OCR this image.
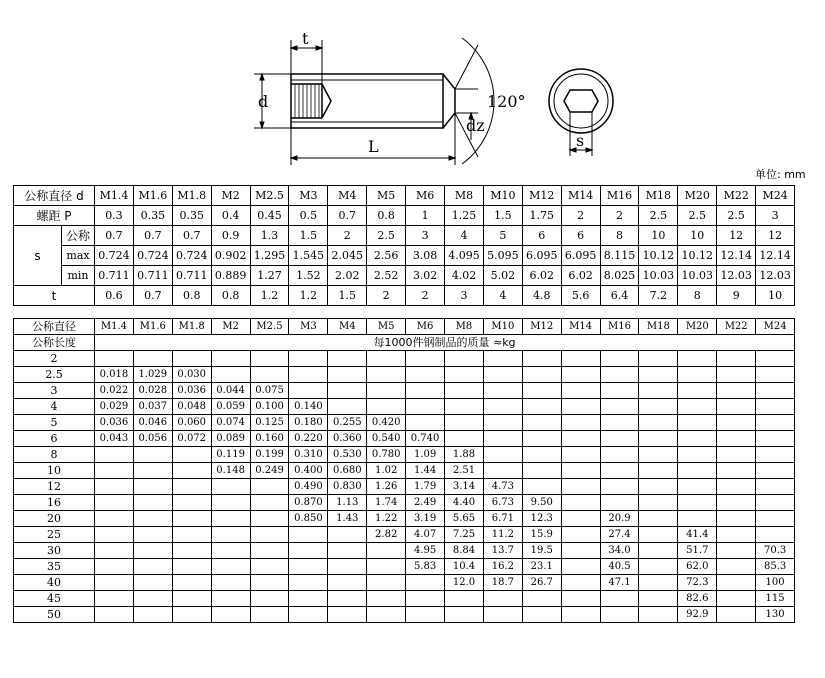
t
d	120°
dz
L	s
单位: mm
公称直径 d		M1.4	M1.6	M1.8	M2	M2.5	M3	M4	M5	M6	M8	M10	M12	M14	M16	M18	M20	M22	M24
螺距 P		0.3	0.35	0.35	0.4	0.45	0.5	0.7	0.8	1	1.25	1.5	1.75	2	2	2.5	2.5	2.5	3
s	公称	0.7	0.7	0.7	0.9	1.3	1.5	2	2.5	3	4	5	6	6	8	10	10	12	12
	max	0.724	0.724	0.724	0.902	1.295	1.545	2.045	2.56	3.08	4.095	5.095	6.095	6.095	8.115	10.12	10.12	12.14	12.14
	min	0.711	0.711	0.711	0.889	1.27	1.52	2.02	2.52	3.02	4.02	5.02	6.02	6.02	8.025	10.03	10.03	12.03	12.03
t		0.6	0.7	0.8	0.8	1.2	1.2	1.5	2	2	3	4	4.8	5.6	6.4	7.2	8	9	10
公称直径	M1.4	M1.6	M1.8	M2	M2.5	M3	M4	M5	M6	M8	M10	M12	M14	M16	M18	M20	M22	M24
公称长度	每1000件钢制品的质量 ≈kg																	
2																		
2.5	0.018	1.029	0.030															
3	0.022	0.028	0.036	0.044	0.075													
4	0.029	0.037	0.048	0.059	0.100	0.140												
5	0.036	0.046	0.060	0.074	0.125	0.180	0.255	0.420										
6	0.043	0.056	0.072	0.089	0.160	0.220	0.360	0.540	0.740									
8				0.119	0.199	0.310	0.530	0.780	1.09	1.88								
10				0.148	0.249	0.400	0.680	1.02	1.44	2.51								
12						0.490	0.830	1.26	1.79	3.14	4.73							
16						0.870	1.13	1.74	2.49	4.40	6.73	9.50						
20						0.850	1.43	1.22	3.19	5.65	6.71	12.3		20.9				
25								2.82	4.07	7.25	11.2	15.9		27.4		41.4		
30									4.95	8.84	13.7	19.5		34.0		51.7		70.3
35									5.83	10.4	16.2	23.1		40.5		62.0		85.3
40										12.0	18.7	26.7		47.1		72.3		100
45																82.6		115
50																92.9		130
